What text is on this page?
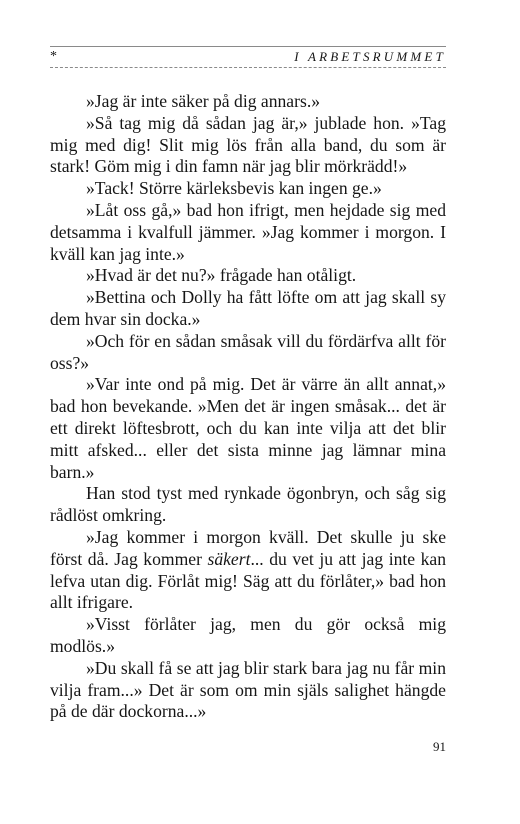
*	I ARBETSRUMMET

»Jag är inte säker på dig annars.»

»Så tag mig då sådan jag är,» jublade hon. »Tag mig med dig! Slit mig lös från alla band, du som är stark! Göm mig i din famn när jag blir mörkrädd!»

»Tack! Större kärleksbevis kan ingen ge.»

»Låt oss gå,» bad hon ifrigt, men hejdade sig med detsamma i kvalfull jämmer. »Jag kommer i morgon. I kväll kan jag inte.»

»Hvad är det nu?» frågade han otåligt.

»Bettina och Dolly ha fått löfte om att jag skall sy dem hvar sin docka.»

»Och för en sådan småsak vill du fördärfva allt för oss?»

»Var inte ond på mig. Det är värre än allt annat,» bad hon bevekande. »Men det är ingen småsak... det är ett direkt löftesbrott, och du kan inte vilja att det blir mitt afsked... eller det sista minne jag lämnar mina barn.»

Han stod tyst med rynkade ögonbryn, och såg sig rådlöst omkring.

»Jag kommer i morgon kväll. Det skulle ju ske först då. Jag kommer säkert... du vet ju att jag inte kan lefva utan dig. Förlåt mig! Säg att du förlåter,» bad hon allt ifrigare.

»Visst förlåter jag, men du gör också mig modlös.»

»Du skall få se att jag blir stark bara jag nu får min vilja fram...» Det är som om min själs salighet hängde på de där dockorna...»

91
